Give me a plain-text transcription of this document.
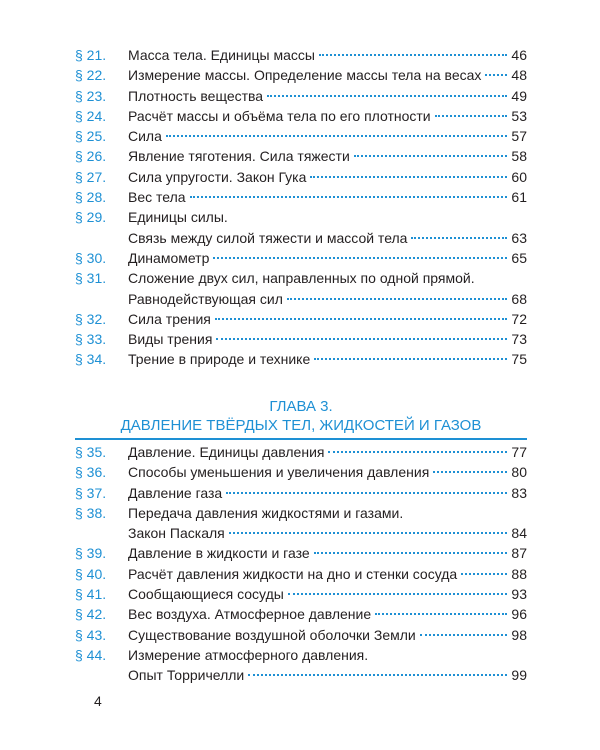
§ 21. Масса тела. Единицы массы	46
§ 22. Измерение массы. Определение массы тела на весах 48
§ 23. Плотность вещества	49
§ 24. Расчёт массы и объёма тела по его плотности	53
§ 25. Сила	57
§ 26. Явление тяготения. Сила тяжести	58
§ 27. Сила упругости. Закон Гука	60
§ 28. Вес тела	61
§ 29. Единицы силы.
Связь между силой тяжести и массой тела	63
§ 30. Динамометр	65
§ 31. Сложение двух сил, направленных по одной прямой.
Равнодействующая сил	68
§ 32. Сила трения	72
§ 33. Виды трения	73
§ 34. Трение в природе и технике	75
ГЛАВА 3.
ДАВЛЕНИЕ ТВЁРДЫХ ТЕЛ, ЖИДКОСТЕЙ И ГАЗОВ
§ 35. Давление. Единицы давления	77
§ 36. Способы уменьшения и увеличения давления	80
§ 37. Давление газа	83
§ 38. Передача давления жидкостями и газами.
Закон Паскаля	84
§ 39. Давление в жидкости и газе	87
§ 40. Расчёт давления жидкости на дно и стенки сосуда	88
§ 41. Сообщающиеся сосуды	93
§ 42. Вес воздуха. Атмосферное давление	96
§ 43. Существование воздушной оболочки Земли	98
§ 44. Измерение атмосферного давления.
Опыт Торричелли	99
4
